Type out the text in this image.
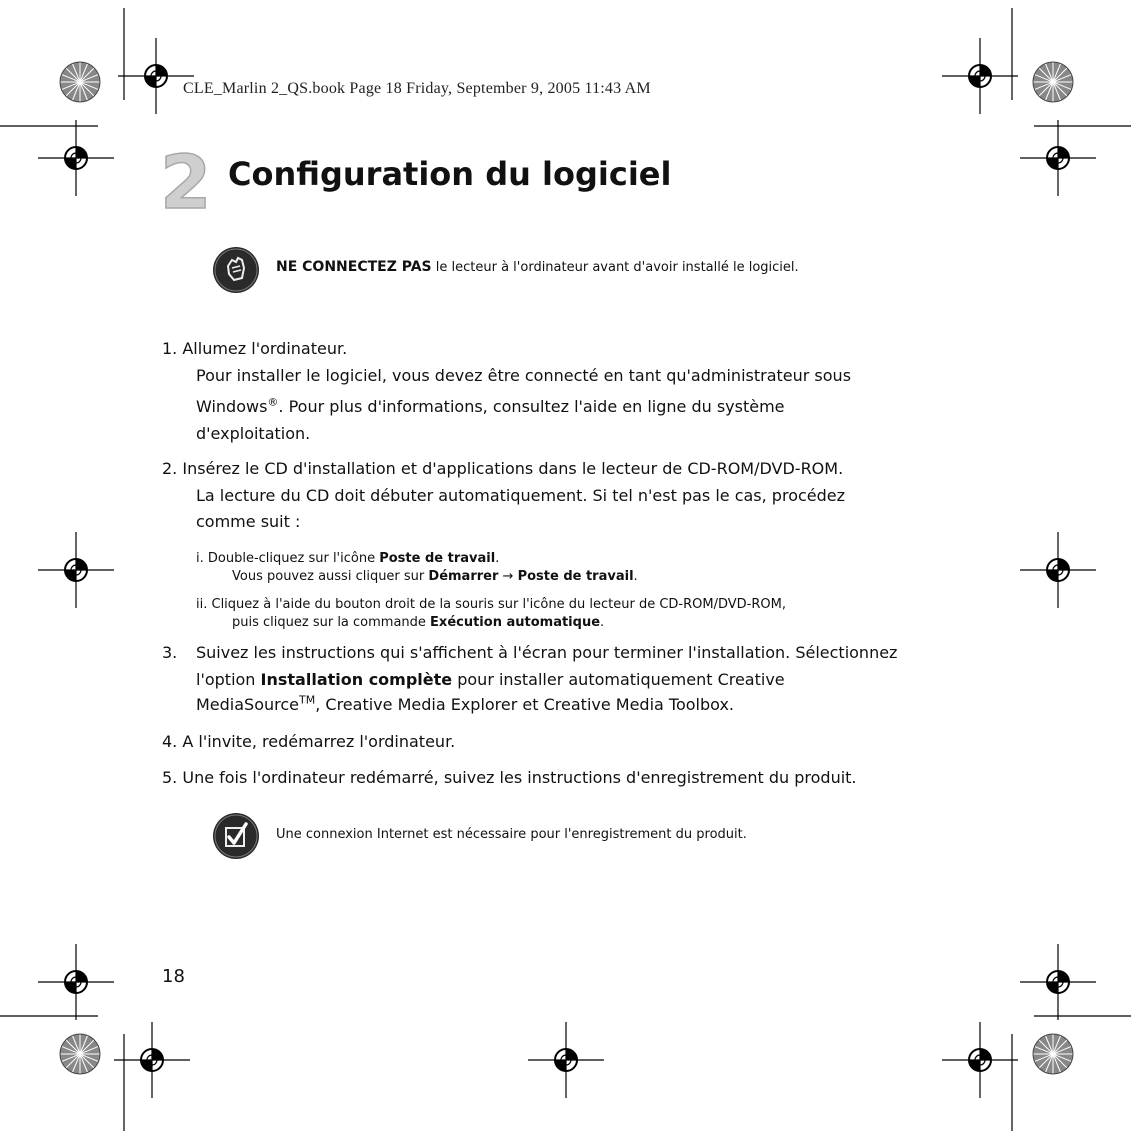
CLE_Marlin 2_QS.book Page 18 Friday, September 9, 2005 11:43 AM
2 Configuration du logiciel
NE CONNECTEZ PAS le lecteur à l'ordinateur avant d'avoir installé le logiciel.
1. Allumez l'ordinateur.
Pour installer le logiciel, vous devez être connecté en tant qu'administrateur sous
Windows®. Pour plus d'informations, consultez l'aide en ligne du système
d'exploitation.
2. Insérez le CD d'installation et d'applications dans le lecteur de CD-ROM/DVD-ROM.
La lecture du CD doit débuter automatiquement. Si tel n'est pas le cas, procédez
comme suit :
i. Double-cliquez sur l'icône Poste de travail.
Vous pouvez aussi cliquer sur Démarrer → Poste de travail.
ii. Cliquez à l'aide du bouton droit de la souris sur l'icône du lecteur de CD-ROM/DVD-ROM,
puis cliquez sur la commande Exécution automatique.
3. Suivez les instructions qui s'affichent à l'écran pour terminer l'installation. Sélectionnez
l'option Installation complète pour installer automatiquement Creative
MediaSource™, Creative Media Explorer et Creative Media Toolbox.
4. A l'invite, redémarrez l'ordinateur.
5. Une fois l'ordinateur redémarré, suivez les instructions d'enregistrement du produit.
Une connexion Internet est nécessaire pour l'enregistrement du produit.
18
